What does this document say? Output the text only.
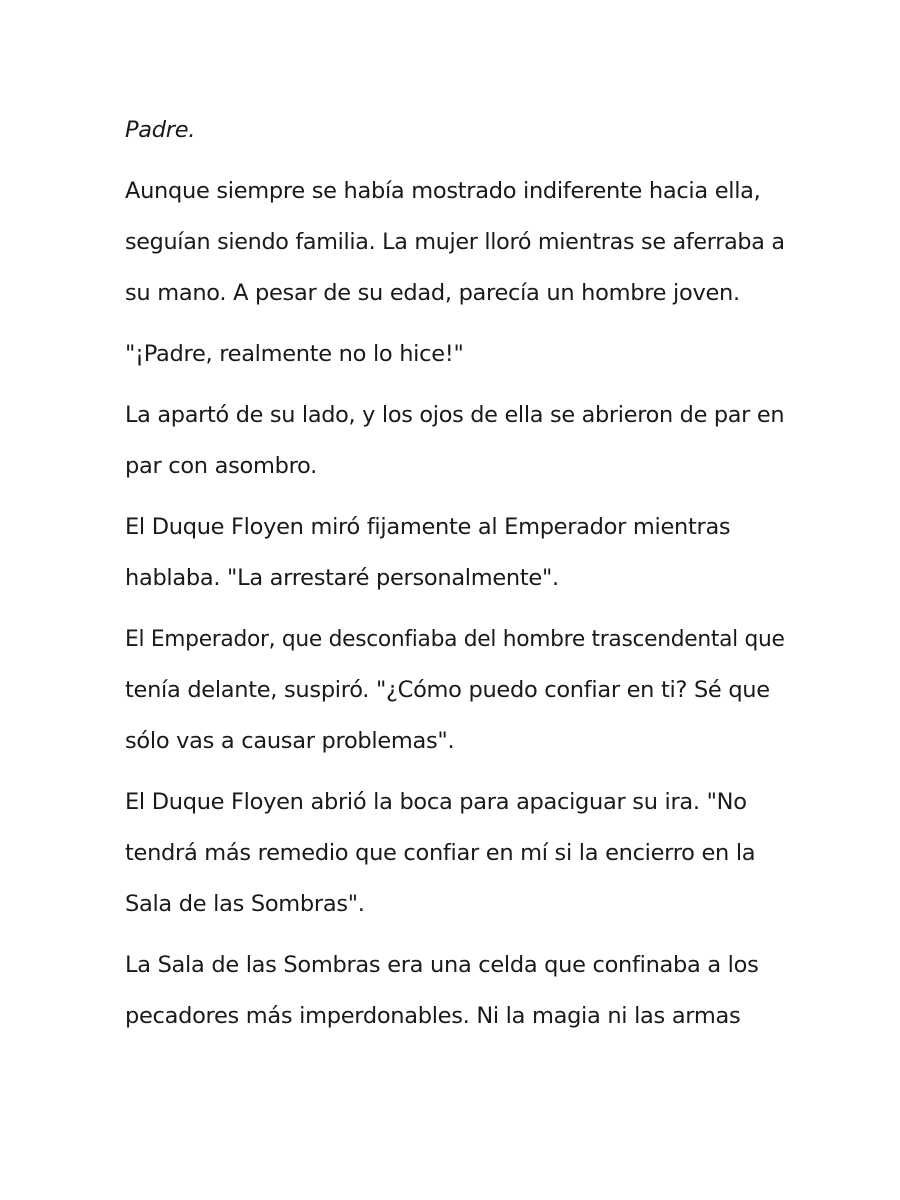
Padre.

Aunque siempre se había mostrado indiferente hacia ella,
seguían siendo familia. La mujer lloró mientras se aferraba a
su mano. A pesar de su edad, parecía un hombre joven.

"¡Padre, realmente no lo hice!"

La apartó de su lado, y los ojos de ella se abrieron de par en
par con asombro.

El Duque Floyen miró fijamente al Emperador mientras
hablaba. "La arrestaré personalmente".

El Emperador, que desconfiaba del hombre trascendental que
tenía delante, suspiró. "¿Cómo puedo confiar en ti? Sé que
sólo vas a causar problemas".

El Duque Floyen abrió la boca para apaciguar su ira. "No
tendrá más remedio que confiar en mí si la encierro en la
Sala de las Sombras".

La Sala de las Sombras era una celda que confinaba a los
pecadores más imperdonables. Ni la magia ni las armas
